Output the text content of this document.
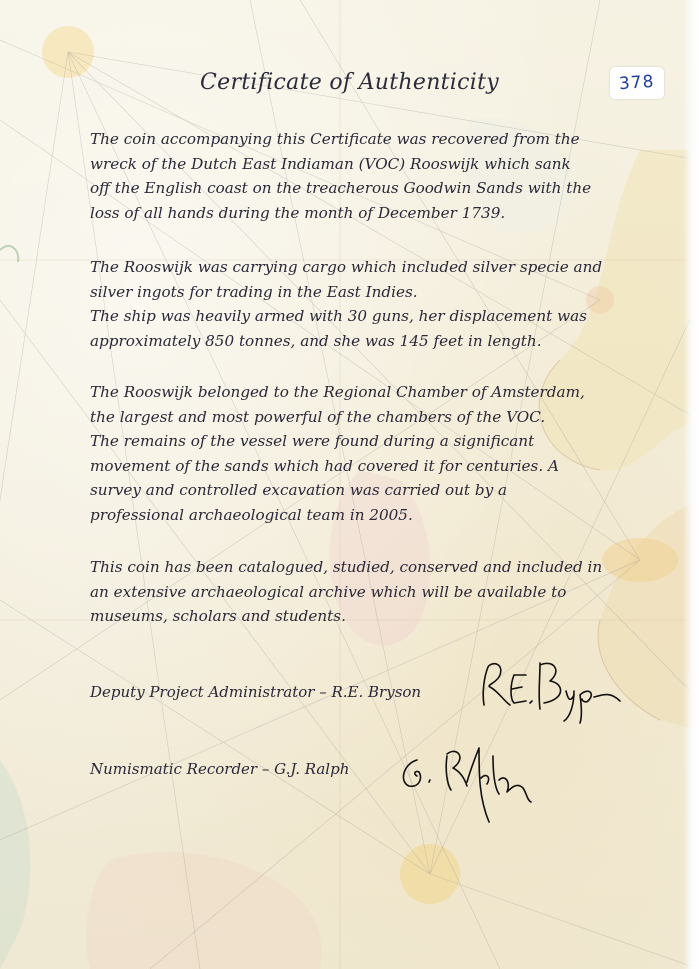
378
Certificate of Authenticity

The coin accompanying this Certificate was recovered from the

wreck of the Dutch East Indiaman (VOC) Rooswijk which sank

off the English coast on the treacherous Goodwin Sands with the

loss of all hands during the month of December 1739.

The Rooswijk was carrying cargo which included silver specie and

silver ingots for trading in the East Indies.

The ship was heavily armed with 30 guns, her displacement was

approximately 850 tonnes, and she was 145 feet in length.

The Rooswijk belonged to the Regional Chamber of Amsterdam,

the largest and most powerful of the chambers of the VOC.

The remains of the vessel were found during a significant

movement of the sands which had covered it for centuries. A

survey and controlled excavation was carried out by a

professional archaeological team in 2005.

This coin has been catalogued, studied, conserved and included in

an extensive archaeological archive which will be available to

museums, scholars and students.

Deputy Project Administrator – R.E. Bryson
Numismatic Recorder – G.J. Ralph
